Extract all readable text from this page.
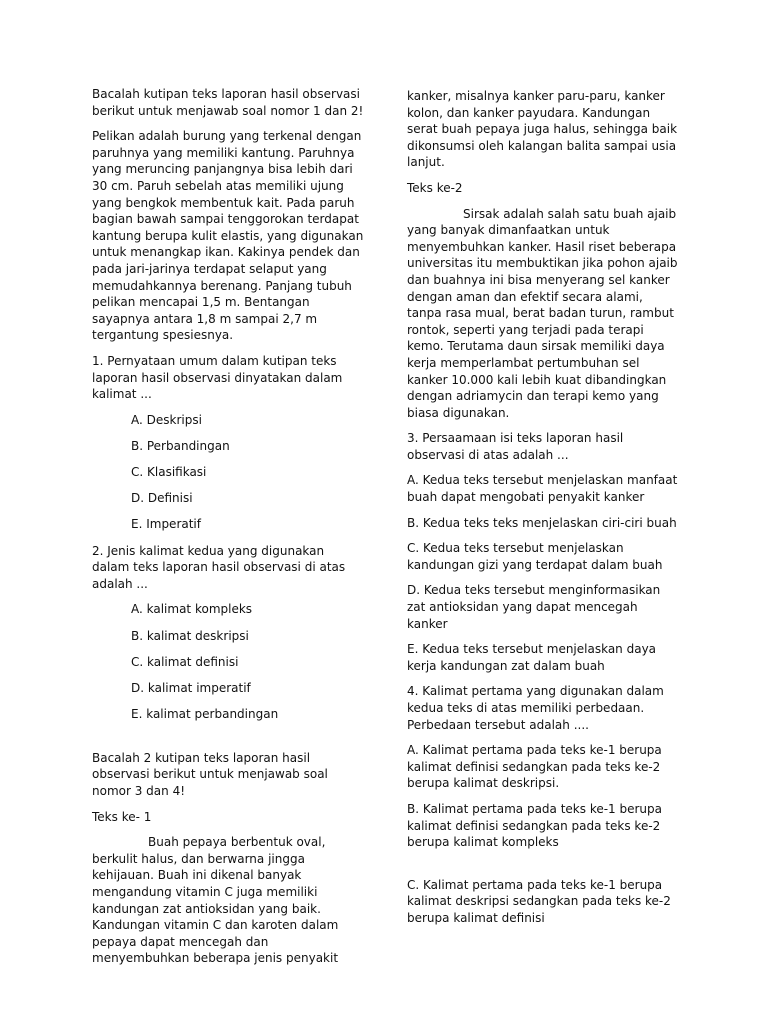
Bacalah kutipan teks laporan hasil observasi berikut untuk menjawab soal nomor 1 dan 2!

Pelikan adalah burung yang terkenal dengan paruhnya yang memiliki kantung. Paruhnya yang meruncing panjangnya bisa lebih dari 30 cm. Paruh sebelah atas memiliki ujung yang bengkok membentuk kait. Pada paruh bagian bawah sampai tenggorokan terdapat kantung berupa kulit elastis, yang digunakan untuk menangkap ikan. Kakinya pendek dan pada jari-jarinya terdapat selaput yang memudahkannya berenang. Panjang tubuh pelikan mencapai 1,5 m. Bentangan sayapnya antara 1,8 m sampai 2,7 m tergantung spesiesnya.

1. Pernyataan umum dalam kutipan teks laporan hasil observasi dinyatakan dalam kalimat ...

A. Deskripsi

B. Perbandingan

C. Klasifikasi

D. Definisi

E. Imperatif

2. Jenis kalimat kedua yang digunakan dalam teks laporan hasil observasi di atas adalah ...

A. kalimat kompleks

B. kalimat deskripsi

C. kalimat definisi

D. kalimat imperatif

E. kalimat perbandingan

Bacalah 2 kutipan teks laporan hasil observasi berikut untuk menjawab soal nomor 3 dan 4!

Teks ke- 1

Buah pepaya berbentuk oval, berkulit halus, dan berwarna jingga kehijauan. Buah ini dikenal banyak mengandung vitamin C juga memiliki kandungan zat antioksidan yang baik. Kandungan vitamin C dan karoten dalam pepaya dapat mencegah dan menyembuhkan beberapa jenis penyakit

kanker, misalnya kanker paru-paru, kanker kolon, dan kanker payudara. Kandungan serat buah pepaya juga halus, sehingga baik dikonsumsi oleh kalangan balita sampai usia lanjut.

Teks ke-2

Sirsak adalah salah satu buah ajaib yang banyak dimanfaatkan untuk menyembuhkan kanker. Hasil riset beberapa universitas itu membuktikan jika pohon ajaib dan buahnya ini bisa menyerang sel kanker dengan aman dan efektif secara alami, tanpa rasa mual, berat badan turun, rambut rontok, seperti yang terjadi pada terapi kemo. Terutama daun sirsak memiliki daya kerja memperlambat pertumbuhan sel kanker 10.000 kali lebih kuat dibandingkan dengan adriamycin dan terapi kemo yang biasa digunakan.

3. Persaamaan isi teks laporan hasil observasi di atas adalah ...

A. Kedua teks tersebut menjelaskan manfaat buah dapat mengobati penyakit kanker

B. Kedua teks teks menjelaskan ciri-ciri buah

C. Kedua teks tersebut menjelaskan kandungan gizi yang terdapat dalam buah

D. Kedua teks tersebut menginformasikan zat antioksidan yang dapat mencegah kanker

E. Kedua teks tersebut menjelaskan daya kerja kandungan zat dalam buah

4. Kalimat pertama yang digunakan dalam kedua teks di atas memiliki perbedaan. Perbedaan tersebut adalah ....

A. Kalimat pertama pada teks ke-1 berupa kalimat definisi sedangkan pada teks ke-2 berupa kalimat deskripsi.

B. Kalimat pertama pada teks ke-1 berupa kalimat definisi sedangkan pada teks ke-2 berupa kalimat kompleks

C. Kalimat pertama pada teks ke-1 berupa kalimat deskripsi sedangkan pada teks ke-2 berupa kalimat definisi
